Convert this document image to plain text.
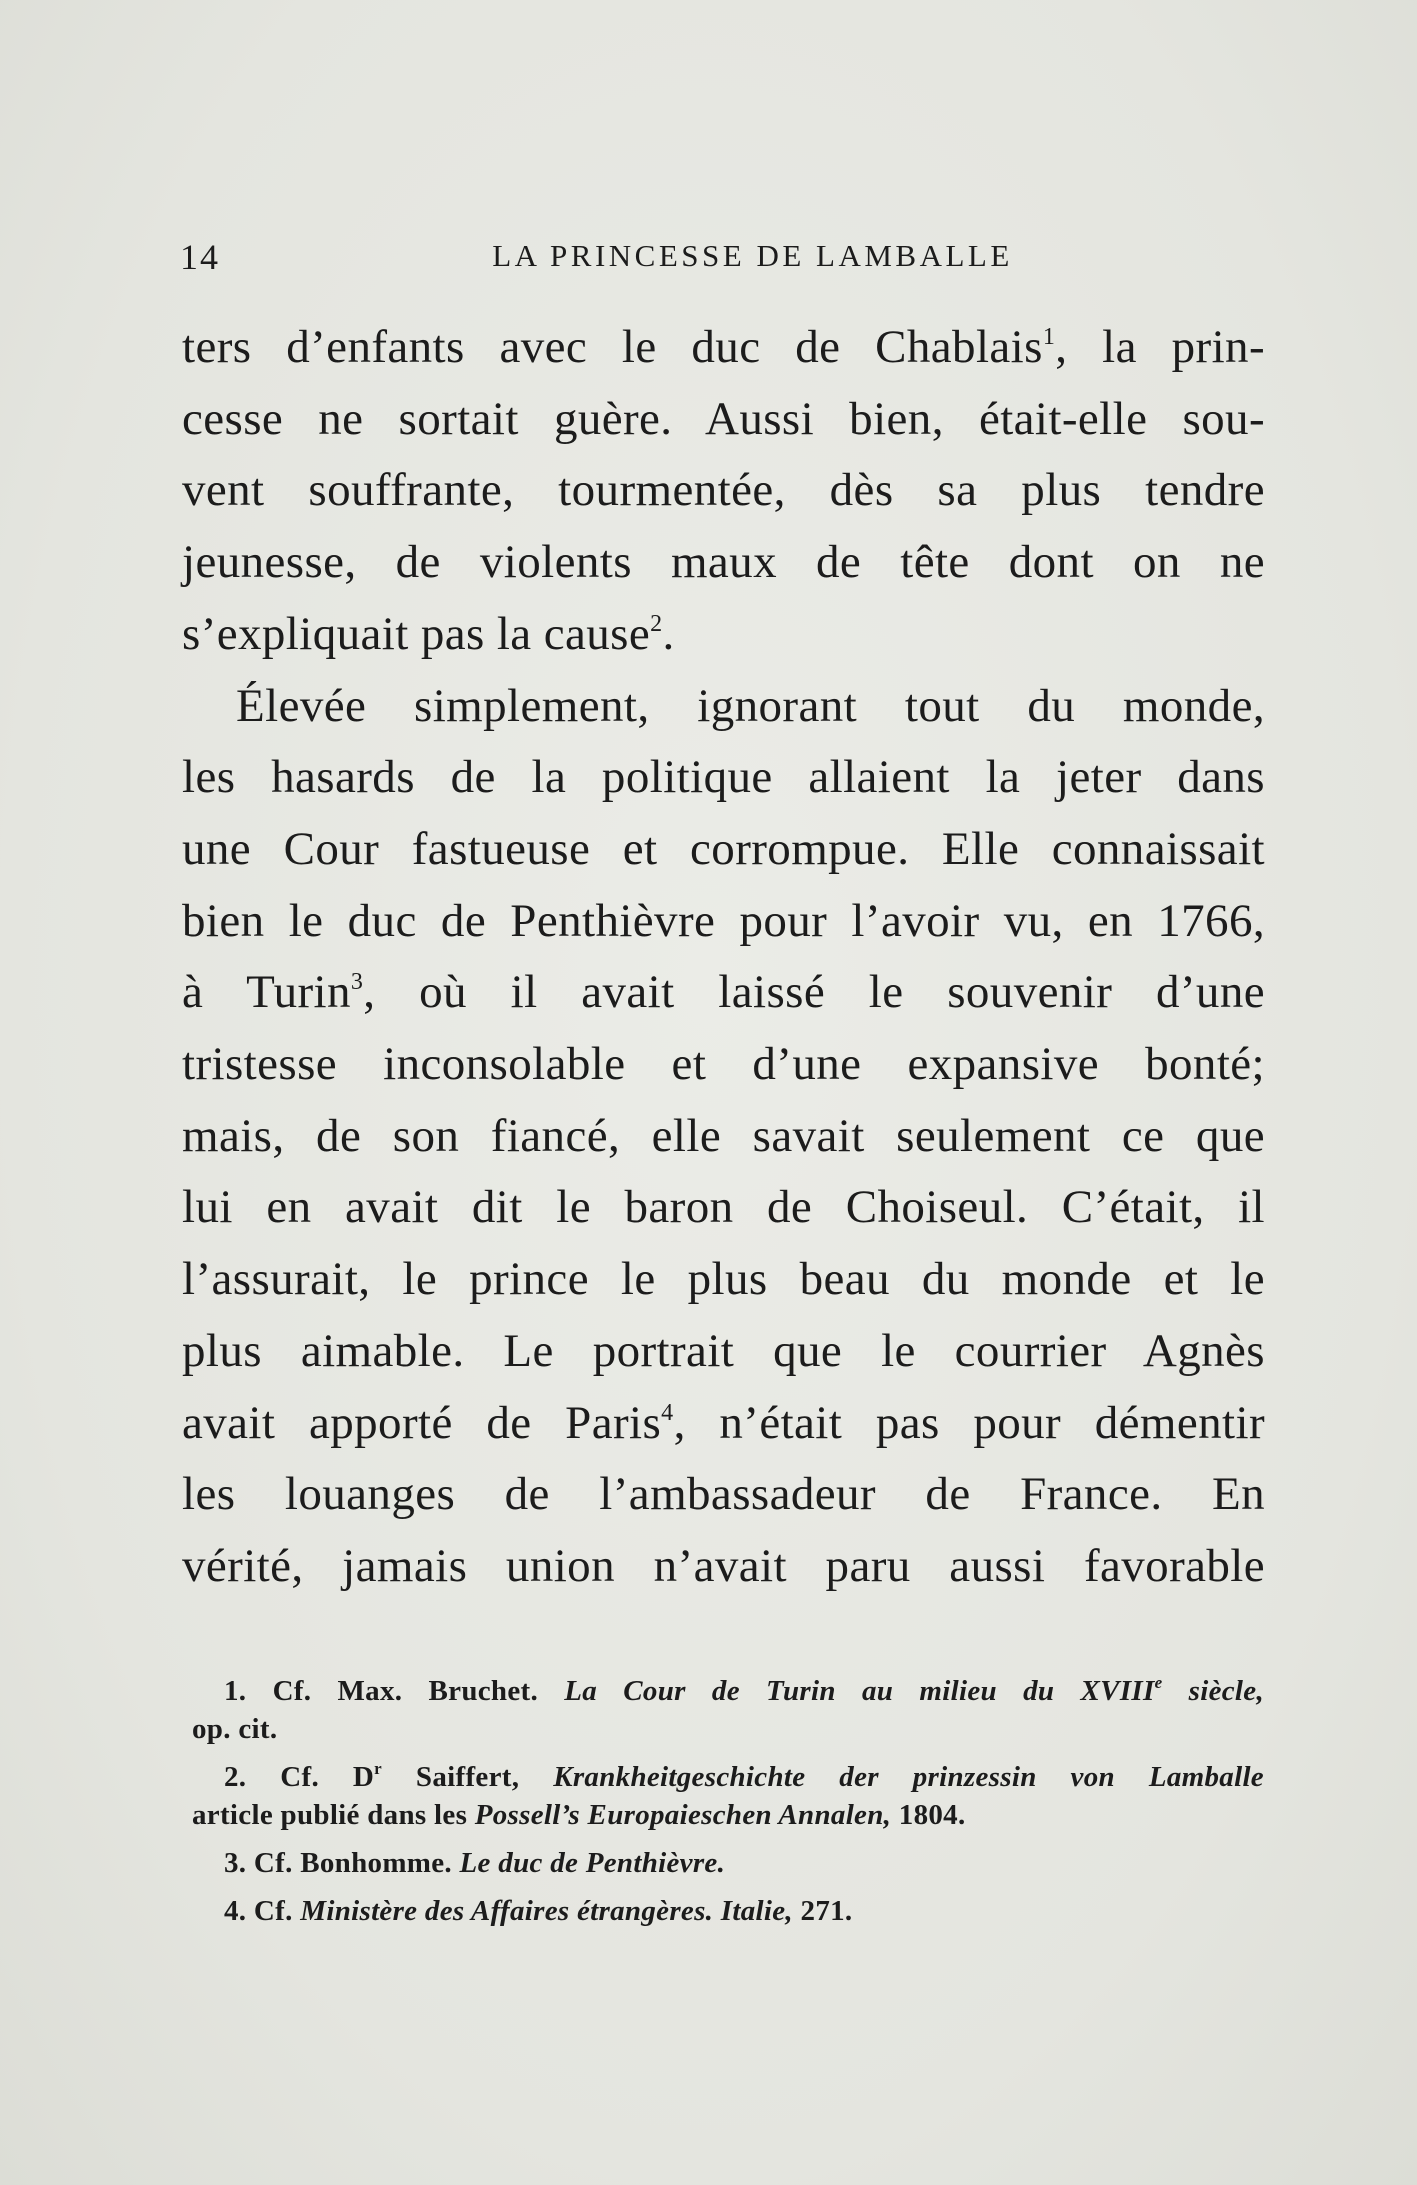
14	LA PRINCESSE DE LAMBALLE

ters d’enfants avec le duc de Chablais$^1$, la prin-
cesse ne sortait guère. Aussi bien, était-elle sou-
vent souffrante, tourmentée, dès sa plus tendre
jeunesse, de violents maux de tête dont on ne
s’expliquait pas la cause$^2$.

Élevée simplement, ignorant tout du monde,
les hasards de la politique allaient la jeter dans
une Cour fastueuse et corrompue. Elle connaissait
bien le duc de Penthièvre pour l’avoir vu, en 1766,
à Turin$^3$, où il avait laissé le souvenir d’une
tristesse inconsolable et d’une expansive bonté;
mais, de son fiancé, elle savait seulement ce que
lui en avait dit le baron de Choiseul. C’était, il
l’assurait, le prince le plus beau du monde et le
plus aimable. Le portrait que le courrier Agnès
avait apporté de Paris$^4$, n’était pas pour démentir
les louanges de l’ambassadeur de France. En
vérité, jamais union n’avait paru aussi favorable

1. Cf. Max. Bruchet. La Cour de Turin au milieu du XVIIIe siècle,
op. cit.
2. Cf. $D^r$ Saiffert, Krankheitgeschichte der prinzessin von Lamballe
article publié dans les Possell’s Europaieschen Annalen, 1804.
3. Cf. Bonhomme. Le duc de Penthièvre.
4. Cf. Ministère des Affaires étrangères. Italie, 271.
